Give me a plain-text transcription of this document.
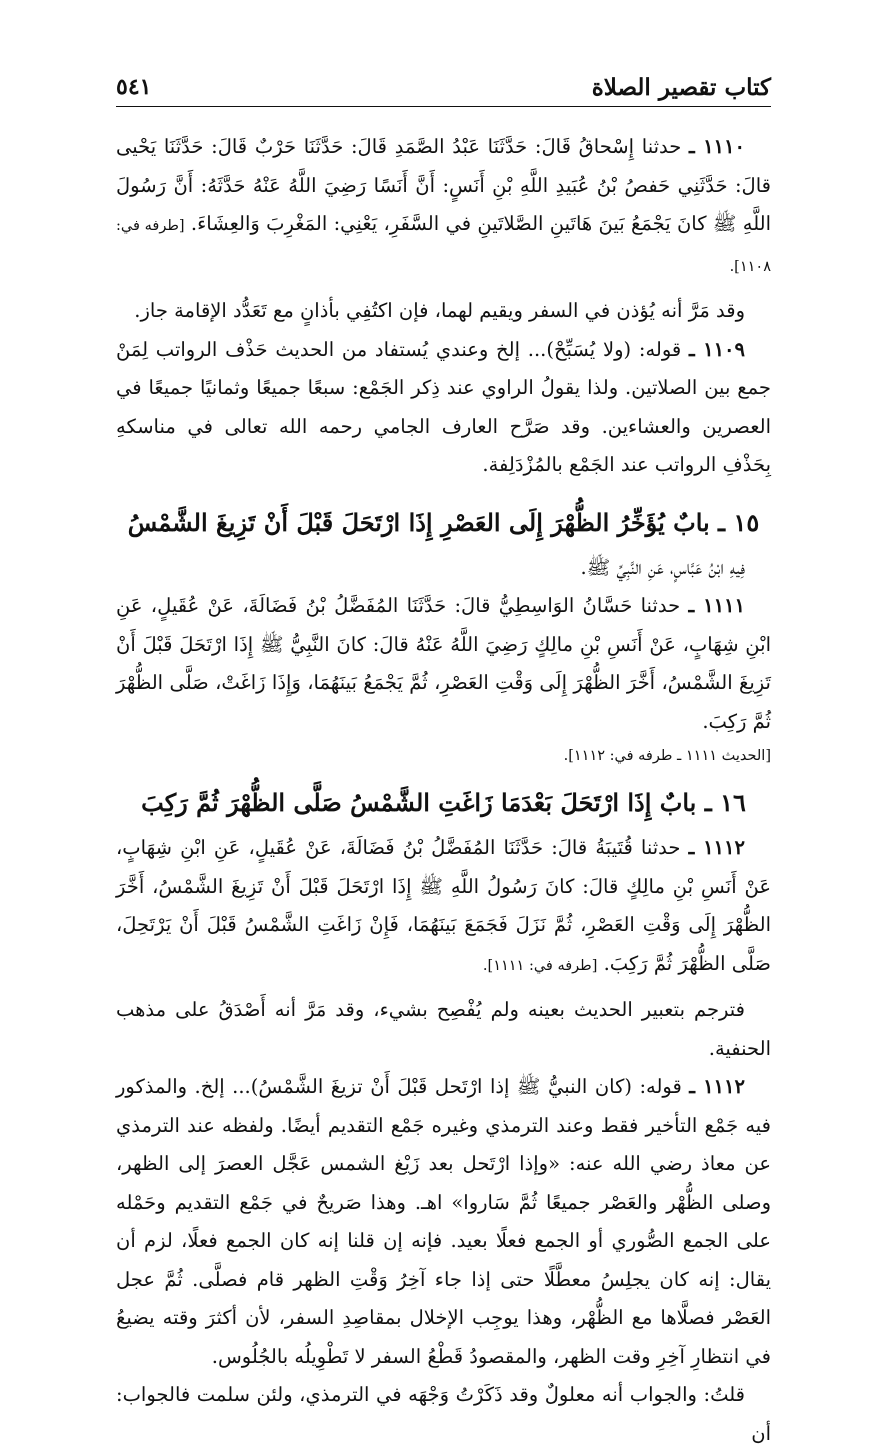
كتاب تقصير الصلاة
٥٤١

١١١٠ ـ حدثنا إِسْحاقُ قَالَ: حَدَّثَنَا عَبْدُ الصَّمَدِ قَالَ: حَدَّثَنَا حَرْبٌ قَالَ: حَدَّثَنَا يَحْيى قالَ: حَدَّثَنِي حَفصُ بْنُ عُبَيدِ اللَّهِ بْنِ أَنَسٍ: أَنَّ أَنَسًا رَضِيَ اللَّهُ عَنْهُ حَدَّثَهُ: أَنَّ رَسُولَ اللَّهِ ﷺ كانَ يَجْمَعُ بَينَ هَاتَينِ الصَّلاتَينِ في السَّفَرِ، يَعْنِي: المَغْرِبَ وَالعِشَاءَ. [طرفه في: ١١٠٨].

وقد مَرَّ أنه يُؤذن في السفر ويقيم لهما، فإن اكتُفِي بأذانٍ مع تَعَدُّد الإقامة جاز.

١١٠٩ ـ قوله: (ولا يُسَبِّحْ)... إلخ وعندي يُستفاد من الحديث حَذْف الرواتب لِمَنْ جمع بين الصلاتين. ولذا يقولُ الراوي عند ذِكر الجَمْع: سبعًا جميعًا وثمانيًا جميعًا في العصرين والعشاءين. وقد صَرَّح العارف الجامي رحمه الله تعالى في مناسكهِ بِحَذْفِ الرواتب عند الجَمْع بالمُزْدَلِفة.

١٥ ـ بابٌ يُؤَخِّرُ الظُّهْرَ إِلَى العَصْرِ إِذَا ارْتَحَلَ قَبْلَ أَنْ تَزِيغَ الشَّمْسُ

فِيهِ ابْنُ عَبَّاسٍ، عَنِ النَّبِيِّ ﷺ.

١١١١ ـ حدثنا حَسَّانُ الوَاسِطِيُّ قالَ: حَدَّثَنَا المُفَضَّلُ بْنُ فَضَالَةَ، عَنْ عُقَيلٍ، عَنِ ابْنِ شِهَابٍ، عَنْ أَنَسِ بْنِ مالِكٍ رَضِيَ اللَّهُ عَنْهُ قالَ: كانَ النَّبِيُّ ﷺ إِذَا ارْتَحَلَ قَبْلَ أَنْ تَزِيغَ الشَّمْسُ، أَخَّرَ الظُّهْرَ إِلَى وَقْتِ العَصْرِ، ثُمَّ يَجْمَعُ بَينَهُمَا، وَإِذَا زَاغَتْ، صَلَّى الظُّهْرَ ثُمَّ رَكِبَ.

[الحديث ١١١١ ـ طرفه في: ١١١٢].

١٦ ـ بابٌ إِذَا ارْتَحَلَ بَعْدَمَا زَاغَتِ الشَّمْسُ صَلَّى الظُّهْرَ ثُمَّ رَكِبَ

١١١٢ ـ حدثنا قُتَيبَةُ قالَ: حَدَّثَنَا المُفَضَّلُ بْنُ فَضَالَةَ، عَنْ عُقَيلٍ، عَنِ ابْنِ شِهَابٍ، عَنْ أَنَسِ بْنِ مالِكٍ قالَ: كانَ رَسُولُ اللَّهِ ﷺ إِذَا ارْتَحَلَ قَبْلَ أَنْ تَزِيغَ الشَّمْسُ، أَخَّرَ الظُّهْرَ إِلَى وَقْتِ العَصْرِ، ثُمَّ نَزَلَ فَجَمَعَ بَينَهُمَا، فَإِنْ زَاغَتِ الشَّمْسُ قَبْلَ أَنْ يَرْتَحِلَ، صَلَّى الظُّهْرَ ثُمَّ رَكِبَ. [طرفه في: ١١١١].

فترجم بتعبير الحديث بعينه ولم يُفْصِح بشيء، وقد مَرَّ أنه أَصْدَقُ على مذهب الحنفية.

١١١٢ ـ قوله: (كان النبيُّ ﷺ إذا ارْتَحل قَبْلَ أَنْ تزيغَ الشَّمْسُ)... إلخ. والمذكور فيه جَمْع التأخير فقط وعند الترمذي وغيره جَمْع التقديم أيضًا. ولفظه عند الترمذي عن معاذ رضي الله عنه: «وإذا ارْتَحل بعد زَيْغ الشمس عَجَّل العصرَ إلى الظهر، وصلى الظُّهْر والعَصْر جميعًا ثُمَّ سَاروا» اهـ. وهذا صَريحٌ في جَمْع التقديم وحَمْله على الجمع الصُّوري أو الجمع فعلًا بعيد. فإنه إن قلنا إنه كان الجمع فعلًا، لزم أن يقال: إنه كان يجلِسُ معطَّلًا حتى إذا جاء آخِرُ وَقْتِ الظهر قام فصلَّى. ثُمَّ عجل العَصْر فصلَّاها مع الظُّهْر، وهذا يوجِب الإخلال بمقاصِدِ السفر، لأن أكثرَ وقته يضيعُ في انتظارِ آخِرِ وقت الظهر، والمقصودُ قَطْعُ السفر لا تَطْوِيلُه بالجُلُوس.

قلتُ: والجواب أنه معلولٌ وقد ذَكَرْتُ وَجْهَه في الترمذي، ولئن سلمت فالجواب: أن
